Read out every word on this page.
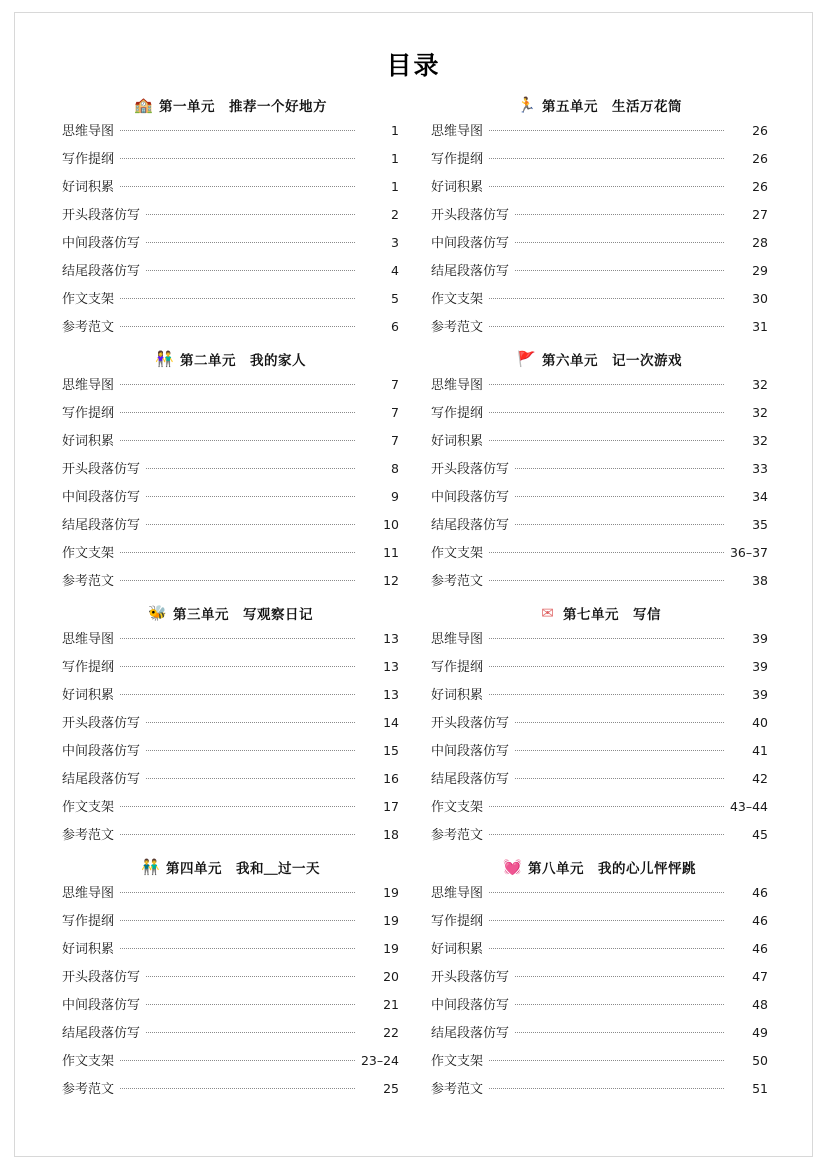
目录
🏫 第一单元　推荐一个好地方
思维导图	1
写作提纲	1
好词积累	1
开头段落仿写	2
中间段落仿写	3
结尾段落仿写	4
作文支架	5
参考范文	6
👫 第二单元　我的家人
思维导图	7
写作提纲	7
好词积累	7
开头段落仿写	8
中间段落仿写	9
结尾段落仿写	10
作文支架	11
参考范文	12
🐝 第三单元　写观察日记
思维导图	13
写作提纲	13
好词积累	13
开头段落仿写	14
中间段落仿写	15
结尾段落仿写	16
作文支架	17
参考范文	18
👬 第四单元　我和＿过一天
思维导图	19
写作提纲	19
好词积累	19
开头段落仿写	20
中间段落仿写	21
结尾段落仿写	22
作文支架	23–24
参考范文	25
🏃 第五单元　生活万花筒
思维导图	26
写作提纲	26
好词积累	26
开头段落仿写	27
中间段落仿写	28
结尾段落仿写	29
作文支架	30
参考范文	31
🚩 第六单元　记一次游戏
思维导图	32
写作提纲	32
好词积累	32
开头段落仿写	33
中间段落仿写	34
结尾段落仿写	35
作文支架	36–37
参考范文	38
✉ 第七单元　写信
思维导图	39
写作提纲	39
好词积累	39
开头段落仿写	40
中间段落仿写	41
结尾段落仿写	42
作文支架	43–44
参考范文	45
💓 第八单元　我的心儿怦怦跳
思维导图	46
写作提纲	46
好词积累	46
开头段落仿写	47
中间段落仿写	48
结尾段落仿写	49
作文支架	50
参考范文	51
